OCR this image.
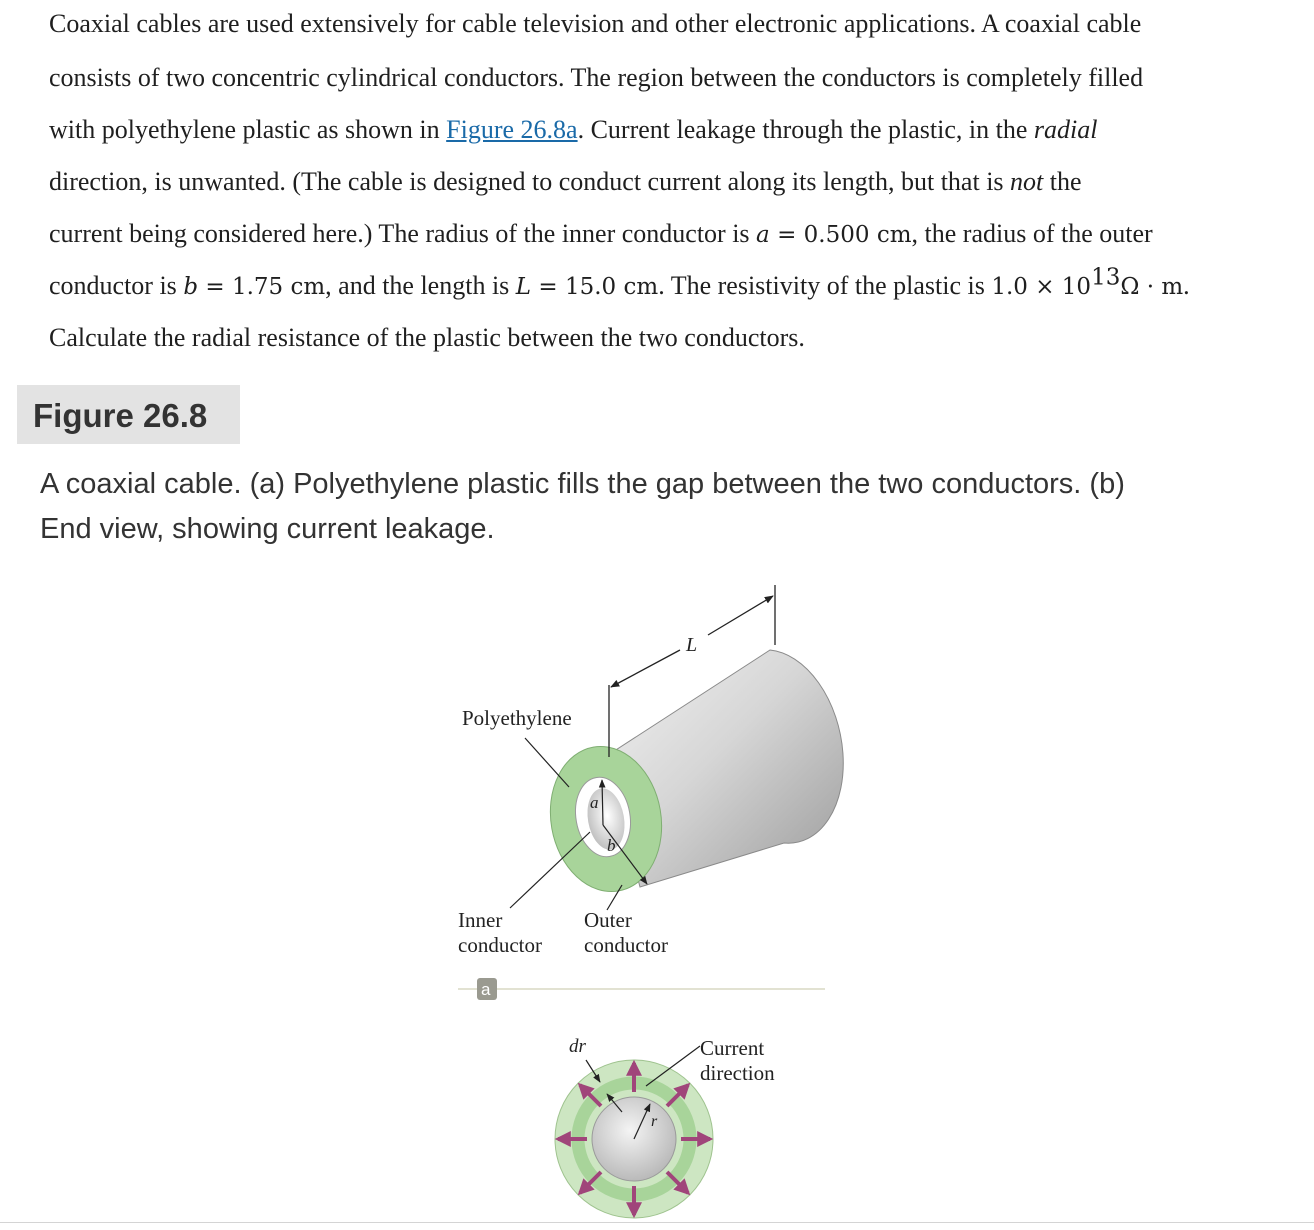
Coaxial cables are used extensively for cable television and other electronic applications. A coaxial cable
consists of two concentric cylindrical conductors. The region between the conductors is completely filled
with polyethylene plastic as shown in Figure 26.8a. Current leakage through the plastic, in the radial
direction, is unwanted. (The cable is designed to conduct current along its length, but that is not the
current being considered here.) The radius of the inner conductor is a = 0.500 cm, the radius of the outer
conductor is b = 1.75 cm, and the length is L = 15.0 cm. The resistivity of the plastic is $1.0 \times 10^{13}\Omega \cdot m$.
Calculate the radial resistance of the plastic between the two conductors.
Figure 26.8

A coaxial cable. (a) Polyethylene plastic fills the gap between the two conductors. (b)
End view, showing current leakage.

L
a
b
Polyethylene
Inner
conductor
Outer
conductor
a
dr
r
Current
direction
